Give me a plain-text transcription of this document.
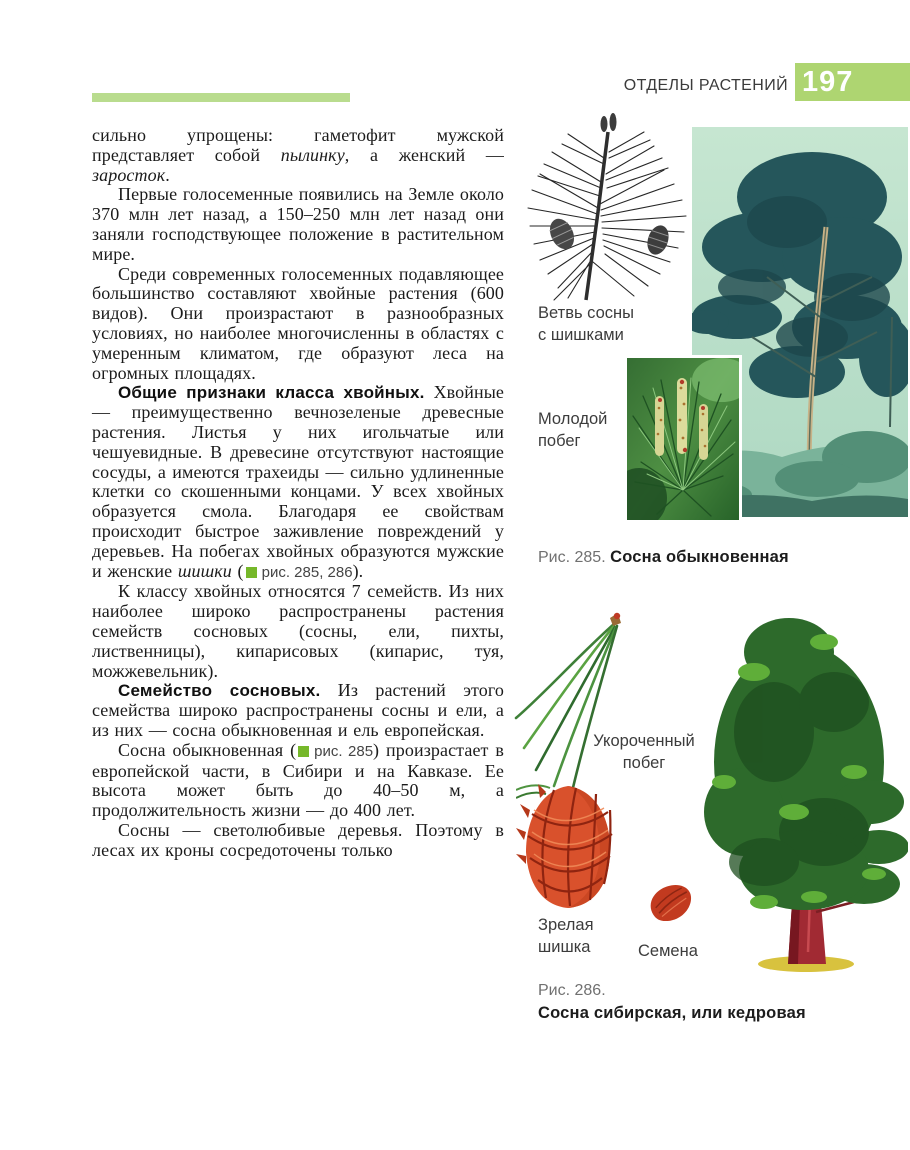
ОТДЕЛЫ РАСТЕНИЙ 197

сильно упрощены: гаметофит мужской представляет собой пылинку, а женский — заросток.

Первые голосеменные появились на Земле около 370 млн лет назад, а 150–250 млн лет назад они заняли господствующее положение в растительном мире.

Среди современных голосеменных подавляющее большинство составляют хвойные растения (600 видов). Они произрастают в разнообразных условиях, но наиболее многочисленны в областях с умеренным климатом, где образуют леса на огромных площадях.

Общие признаки класса хвойных. Хвойные — преимущественно вечнозеленые древесные растения. Листья у них игольчатые или чешуевидные. В древесине отсутствуют настоящие сосуды, а имеются трахеиды — сильно удлиненные клетки со скошенными концами. У всех хвойных образуется смола. Благодаря ее свойствам происходит быстрое заживление повреждений у деревьев. На побегах хвойных образуются мужские и женские шишки ( рис. 285, 286).

К классу хвойных относятся 7 семейств. Из них наиболее широко распространены растения семейств сосновых (сосны, ели, пихты, лиственницы), кипарисовых (кипарис, туя, можжевельник).

Семейство сосновых. Из растений этого семейства широко распространены сосны и ели, а из них — сосна обыкновенная и ель европейская.

Сосна обыкновенная ( рис. 285) произрастает в европейской части, в Сибири и на Кавказе. Ее высота может быть до 40–50 м, а продолжительность жизни — до 400 лет.

Сосны — светолюбивые деревья. Поэтому в лесах их кроны сосредоточены только

Ветвь сосны
с шишками
Молодой
побег
Рис. 285. Сосна обыкновенная
Укороченный
побег
Зрелая
шишка	Семена
Рис. 286.
Сосна сибирская, или кедровая
